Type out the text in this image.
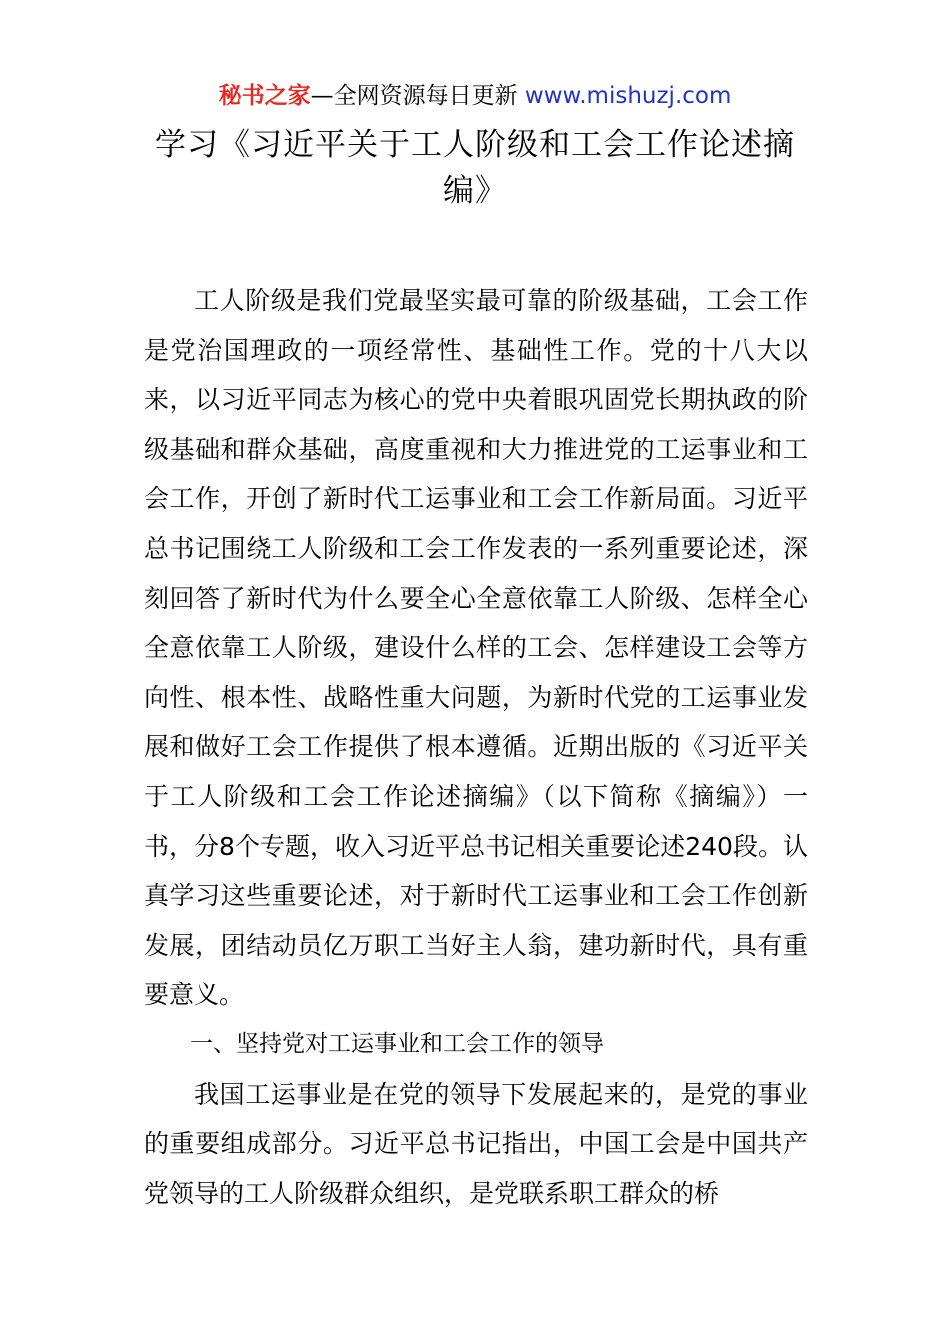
秘书之家—全网资源每日更新 www.mishuzj.com
学习《习近平关于工人阶级和工会工作论述摘编》

工人阶级是我们党最坚实最可靠的阶级基础，工会工作是党治国理政的一项经常性、基础性工作。党的十八大以来，以习近平同志为核心的党中央着眼巩固党长期执政的阶级基础和群众基础，高度重视和大力推进党的工运事业和工会工作，开创了新时代工运事业和工会工作新局面。习近平总书记围绕工人阶级和工会工作发表的一系列重要论述，深刻回答了新时代为什么要全心全意依靠工人阶级、怎样全心全意依靠工人阶级，建设什么样的工会、怎样建设工会等方向性、根本性、战略性重大问题，为新时代党的工运事业发展和做好工会工作提供了根本遵循。近期出版的《习近平关于工人阶级和工会工作论述摘编》（以下简称《摘编》）一书，分8个专题，收入习近平总书记相关重要论述240段。认真学习这些重要论述，对于新时代工运事业和工会工作创新发展，团结动员亿万职工当好主人翁，建功新时代，具有重要意义。

一、坚持党对工运事业和工会工作的领导

我国工运事业是在党的领导下发展起来的，是党的事业的重要组成部分。习近平总书记指出，中国工会是中国共产党领导的工人阶级群众组织，是党联系职工群众的桥
